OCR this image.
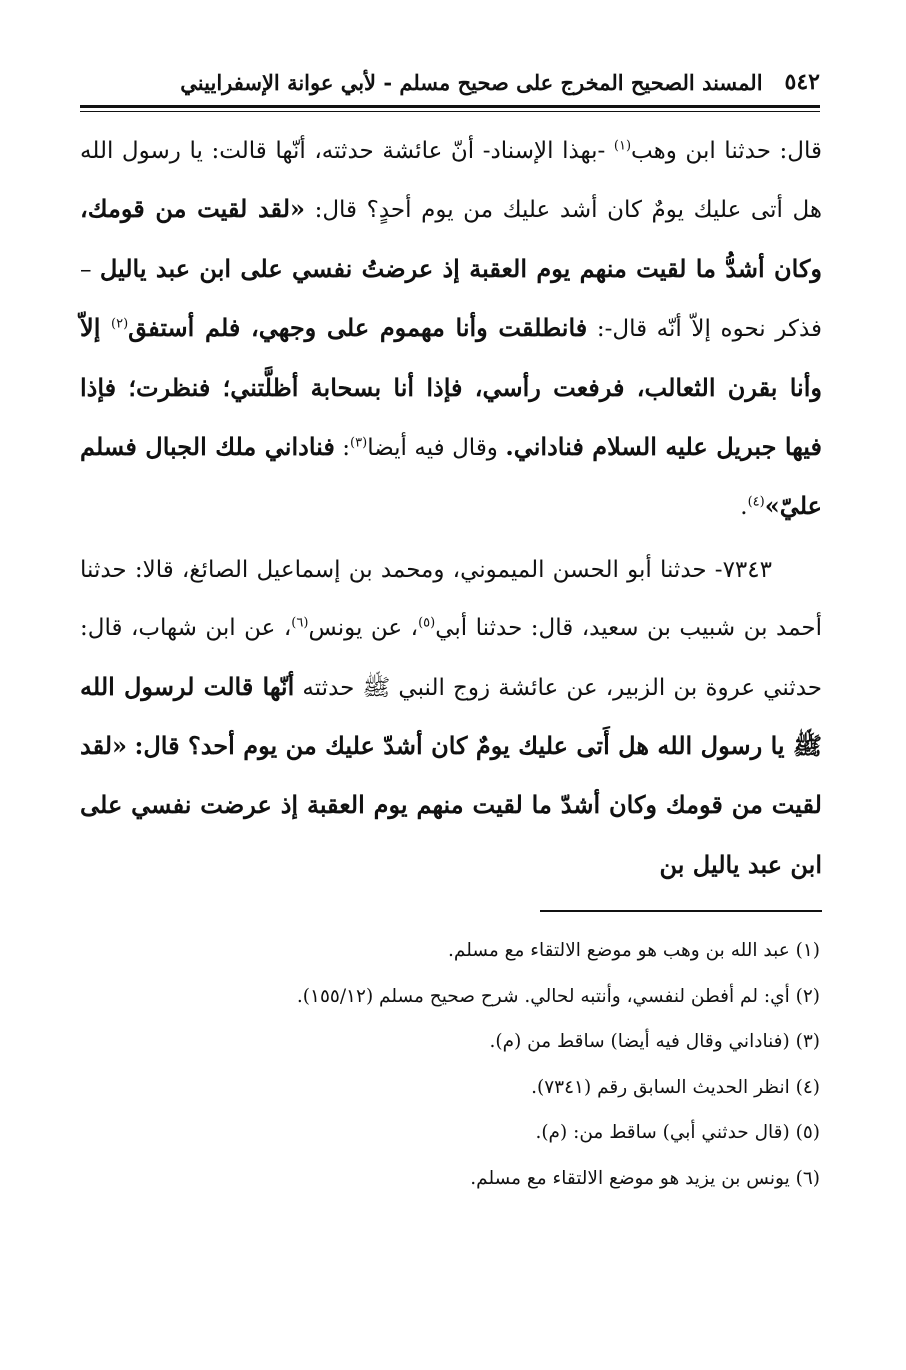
٥٤٢
المسند الصحيح المخرج على صحيح مسلم - لأبي عوانة الإسفراييني

قال: حدثنا ابن وهب$^{(١)}$ -بهذا الإسناد- أنّ عائشة حدثته، أنّها قالت: يا رسول الله هل أتى عليك يومٌ كان أشد عليك من يوم أحدٍ؟ قال: «لقد لقيت من قومك، وكان أشدُّ ما لقيت منهم يوم العقبة إذ عرضتُ نفسي على ابن عبد ياليل – فذكر نحوه إلاّ أنّه قال-: فانطلقت وأنا مهموم على وجهي، فلم أستفق$^{(٢)}$ إلاّ وأنا بقرن الثعالب، فرفعت رأسي، فإذا أنا بسحابة أظلَّتني؛ فنظرت؛ فإذا فيها جبريل عليه السلام فناداني. وقال فيه أيضا$^{(٣)}$: فناداني ملك الجبال فسلم عليّ»$^{(٤)}$.

٧٣٤٣- حدثنا أبو الحسن الميموني، ومحمد بن إسماعيل الصائغ، قالا: حدثنا أحمد بن شبيب بن سعيد، قال: حدثنا أبي$^{(٥)}$، عن يونس$^{(٦)}$، عن ابن شهاب، قال: حدثني عروة بن الزبير، عن عائشة زوج النبي ﷺ حدثته أنّها قالت لرسول الله ﷺ يا رسول الله هل أَتى عليك يومٌ كان أشدّ عليك من يوم أحد؟ قال: «لقد لقيت من قومك وكان أشدّ ما لقيت منهم يوم العقبة إذ عرضت نفسي على ابن عبد ياليل بن

(١) عبد الله بن وهب هو موضع الالتقاء مع مسلم.
(٢) أي: لم أفطن لنفسي، وأنتبه لحالي. شرح صحيح مسلم (١٥٥/١٢).
(٣) (فناداني وقال فيه أيضا) ساقط من (م).
(٤) انظر الحديث السابق رقم (٧٣٤١).
(٥) (قال حدثني أبي) ساقط من: (م).
(٦) يونس بن يزيد هو موضع الالتقاء مع مسلم.
